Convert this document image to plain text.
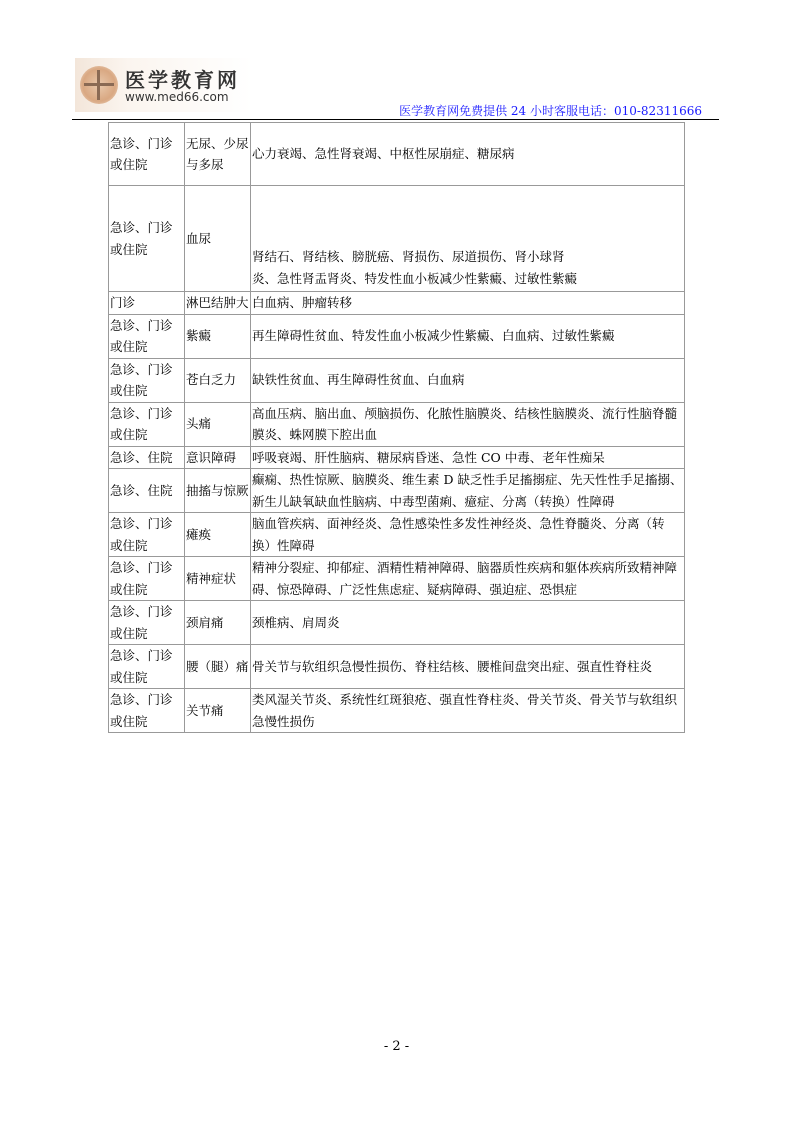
医学教育网
www.med66.com
医学教育网免费提供 24 小时客服电话：010-82311666
急诊、门诊或住院	无尿、少尿与多尿	心力衰竭、急性肾衰竭、中枢性尿崩症、糖尿病
急诊、门诊或住院	血尿	肾结石、肾结核、膀胱癌、肾损伤、尿道损伤、肾小球肾炎、急性肾盂肾炎、特发性血小板减少性紫癜、过敏性紫癜
门诊	淋巴结肿大	白血病、肿瘤转移
急诊、门诊或住院	紫癜	再生障碍性贫血、特发性血小板减少性紫癜、白血病、过敏性紫癜
急诊、门诊或住院	苍白乏力	缺铁性贫血、再生障碍性贫血、白血病
急诊、门诊或住院	头痛	高血压病、脑出血、颅脑损伤、化脓性脑膜炎、结核性脑膜炎、流行性脑脊髓膜炎、蛛网膜下腔出血
急诊、住院	意识障碍	呼吸衰竭、肝性脑病、糖尿病昏迷、急性 CO 中毒、老年性痴呆
急诊、住院	抽搐与惊厥	癫痫、热性惊厥、脑膜炎、维生素 D 缺乏性手足搐搦症、先天性性手足搐搦、新生儿缺氧缺血性脑病、中毒型菌痢、癔症、分离（转换）性障碍
急诊、门诊或住院	瘫痪	脑血管疾病、面神经炎、急性感染性多发性神经炎、急性脊髓炎、分离（转换）性障碍
急诊、门诊或住院	精神症状	精神分裂症、抑郁症、酒精性精神障碍、脑器质性疾病和躯体疾病所致精神障碍、惊恐障碍、广泛性焦虑症、疑病障碍、强迫症、恐惧症
急诊、门诊或住院	颈肩痛	颈椎病、肩周炎
急诊、门诊或住院	腰（腿）痛	骨关节与软组织急慢性损伤、脊柱结核、腰椎间盘突出症、强直性脊柱炎
急诊、门诊或住院	关节痛	类风湿关节炎、系统性红斑狼疮、强直性脊柱炎、骨关节炎、骨关节与软组织急慢性损伤
- 2 -
